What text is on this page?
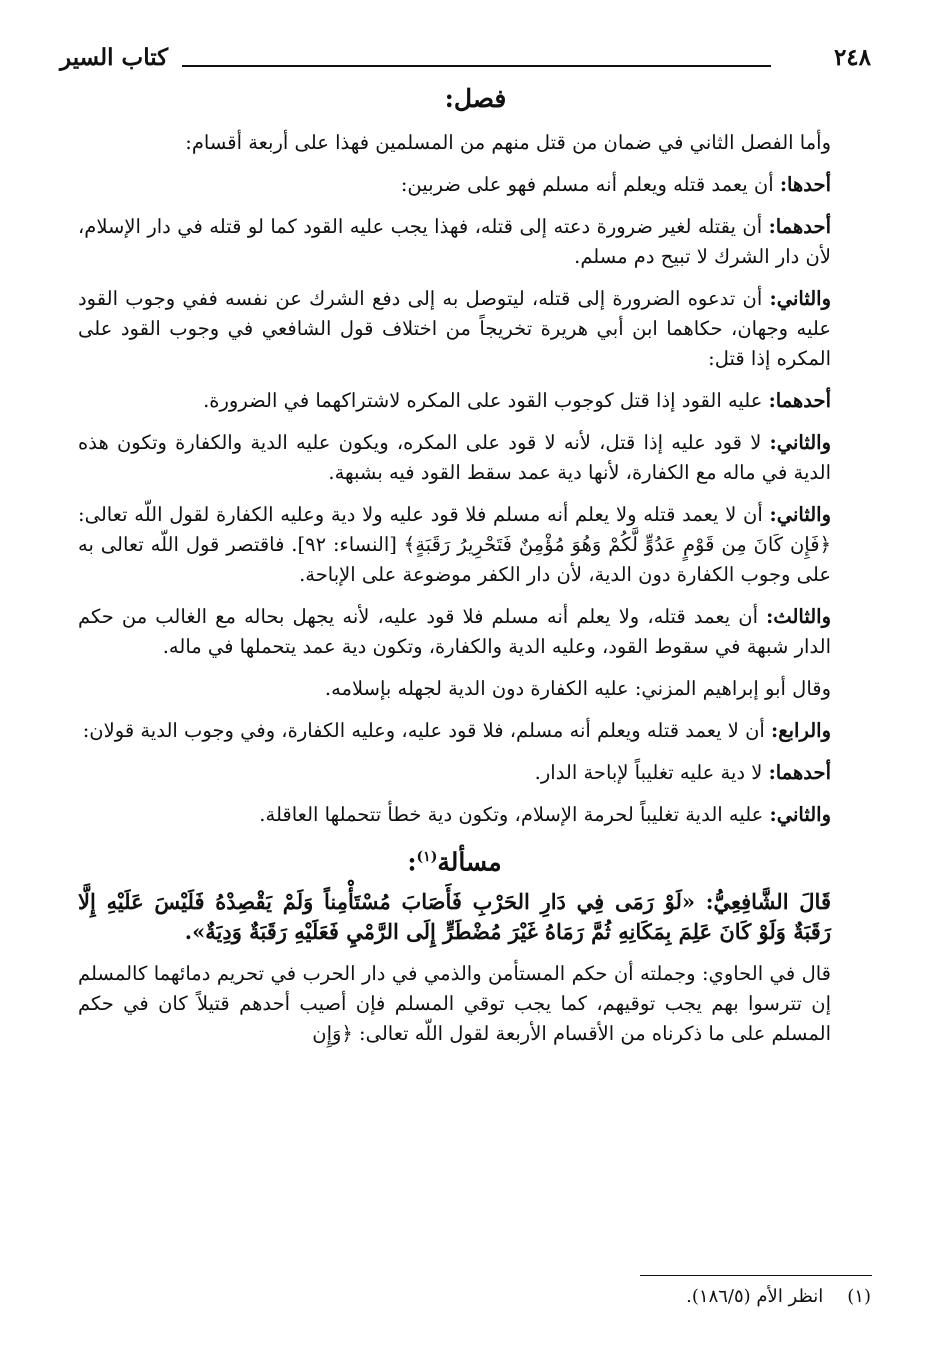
٢٤٨
كتاب السير
فصل:

وأما الفصل الثاني في ضمان من قتل منهم من المسلمين فهذا على أربعة أقسام:

أحدها: أن يعمد قتله ويعلم أنه مسلم فهو على ضربين:

أحدهما: أن يقتله لغير ضرورة دعته إلى قتله، فهذا يجب عليه القود كما لو قتله في دار الإسلام، لأن دار الشرك لا تبيح دم مسلم.

والثاني: أن تدعوه الضرورة إلى قتله، ليتوصل به إلى دفع الشرك عن نفسه ففي وجوب القود عليه وجهان، حكاهما ابن أبي هريرة تخريجاً من اختلاف قول الشافعي في وجوب القود على المكره إذا قتل:

أحدهما: عليه القود إذا قتل كوجوب القود على المكره لاشتراكهما في الضرورة.

والثاني: لا قود عليه إذا قتل، لأنه لا قود على المكره، ويكون عليه الدية والكفارة وتكون هذه الدية في ماله مع الكفارة، لأنها دية عمد سقط القود فيه بشبهة.

والثاني: أن لا يعمد قتله ولا يعلم أنه مسلم فلا قود عليه ولا دية وعليه الكفارة لقول اللّه تعالى: ﴿فَإِن كَانَ مِن قَوْمٍ عَدُوٍّ لَّكُمْ وَهُوَ مُؤْمِنٌ فَتَحْرِيرُ رَقَبَةٍ﴾ [النساء: ٩٢]. فاقتصر قول اللّه تعالى به على وجوب الكفارة دون الدية، لأن دار الكفر موضوعة على الإباحة.

والثالث: أن يعمد قتله، ولا يعلم أنه مسلم فلا قود عليه، لأنه يجهل بحاله مع الغالب من حكم الدار شبهة في سقوط القود، وعليه الدية والكفارة، وتكون دية عمد يتحملها في ماله.

وقال أبو إبراهيم المزني: عليه الكفارة دون الدية لجهله بإسلامه.

والرابع: أن لا يعمد قتله ويعلم أنه مسلم، فلا قود عليه، وعليه الكفارة، وفي وجوب الدية قولان:

أحدهما: لا دية عليه تغليباً لإباحة الدار.

والثاني: عليه الدية تغليباً لحرمة الإسلام، وتكون دية خطأ تتحملها العاقلة.

مسألة$^{(١)}$:

قَالَ الشَّافِعِيُّ: «لَوْ رَمَى فِي دَارِ الحَرْبِ فَأَصَابَ مُسْتَأْمِناً وَلَمْ يَقْصِدْهُ فَلَيْسَ عَلَيْهِ إِلَّا رَقَبَةٌ وَلَوْ كَانَ عَلِمَ بِمَكَانِهِ ثُمَّ رَمَاهُ غَيْرَ مُضْطَرٍّ إِلَى الرَّمْيِ فَعَلَيْهِ رَقَبَةٌ وَدِيَةٌ».

قال في الحاوي: وجملته أن حكم المستأمن والذمي في دار الحرب في تحريم دمائهما كالمسلم إن تترسوا بهم يجب توقيهم، كما يجب توقي المسلم فإن أصيب أحدهم قتيلاً كان في حكم المسلم على ما ذكرناه من الأقسام الأربعة لقول اللّه تعالى: ﴿وَإِن

(١)انظر الأم (١٨٦/٥).
